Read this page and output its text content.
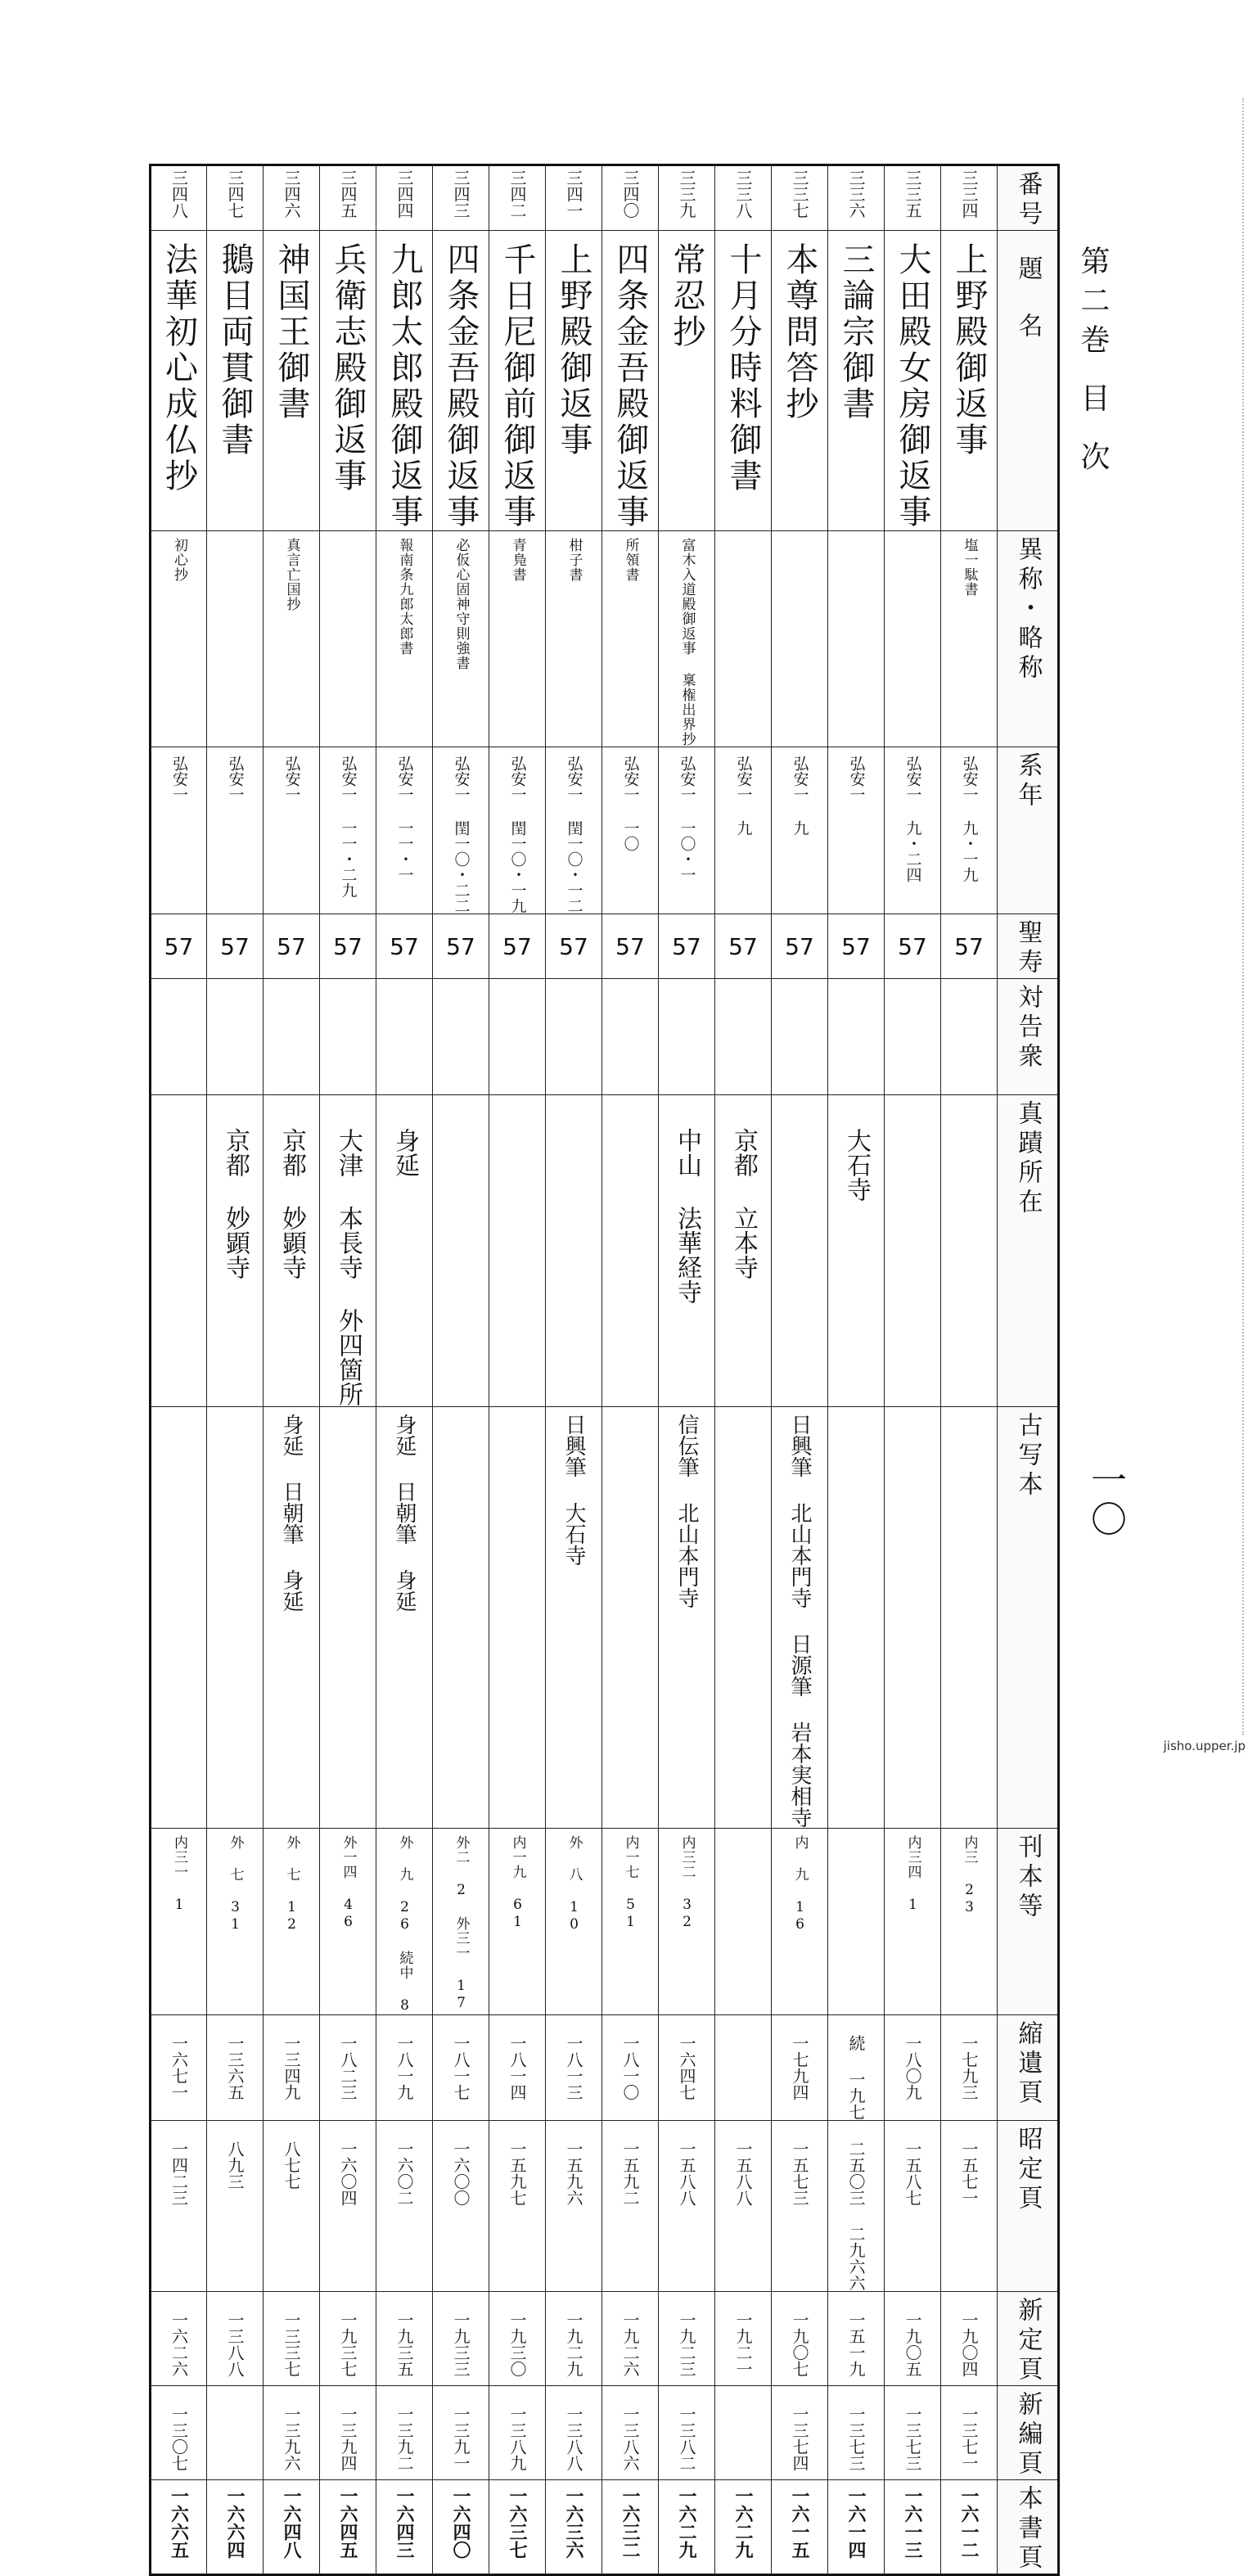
第二巻 目 次
一〇
jisho.upper.jp
三四八	三四七	三四六	三四五	三四四	三四三	三四二	三四一	三四〇	三三九	三三八	三三七	三三六	三三五	三三四	番号

法華初心成仏抄	鵝目両貫御書	神国王御書	兵衛志殿御返事	九郎太郎殿御返事	四条金吾殿御返事	千日尼御前御返事	上野殿御返事	四条金吾殿御返事	常忍抄	十月分時料御書	本尊問答抄	三論宗御書	大田殿女房御返事	上野殿御返事	題名

初心抄		真言亡国抄		報南条九郎太郎書	必仮心固神守則強書	青鳬書	柑子書	所領書	富木入道殿御返事 稟権出界抄					塩一駄書	異称・略称

弘安一	弘安一	弘安一	弘安一 一一・二九	弘安一 一一・一	弘安一 閏一〇・二二	弘安一 閏一〇・一九	弘安一 閏一〇・一二	弘安一 一〇	弘安一 一〇・一	弘安一 九	弘安一 九	弘安一	弘安一 九・二四	弘安一 九・一九	系年

57	57	57	57	57	57	57	57	57	57	57	57	57	57	57	聖寿

															対告衆

	京都 妙顕寺	京都 妙顕寺	大津 本長寺 外四箇所	身延					中山 法華経寺	京都 立本寺		大石寺			真蹟所在

		身延 日朝筆 身延		身延 日朝筆 身延			日興筆 大石寺		信伝筆 北山本門寺		日興筆 北山本門寺 日源筆 岩本実相寺				古写本

内三一 1	外 七 31	外 七 12	外一四 46	外 九 26 続中 8	外二 2 外三一 17	内一九 61	外 八 10	内一七 51	内三二 32		内 九 16		内三四 1	内三 23	刊本等

一六七一	一三六五	一三四九	一八二三	一八一九	一八一七	一八一四	一八一三	一八一〇	一六四七		一七九四	続 一九七	一八〇九	一七九三	縮遺頁

一四二三	八九三	八七七	一六〇四	一六〇二	一六〇〇	一五九七	一五九六	一五九二	一五八八	一五八八	一五七三	二五〇三 二九六六	一五八七	一五七一	昭定頁

一六二六	一三八八	一三三七	一九三七	一九三五	一九三三	一九三〇	一九二九	一九二六	一九二三	一九二一	一九〇七	一五一九	一九〇五	一九〇四	新定頁

一三〇七		一三九六	一三九四	一三九二	一三九一	一三八九	一三八八	一三八六	一三八二		一三七四	一三七三	一三七三	一三七一	新編頁

一六六五	一六六四	一六四八	一六四五	一六四三	一六四〇	一六三七	一六三六	一六三二	一六二九	一六二九	一六一五	一六一四	一六一三	一六一二	本書頁
